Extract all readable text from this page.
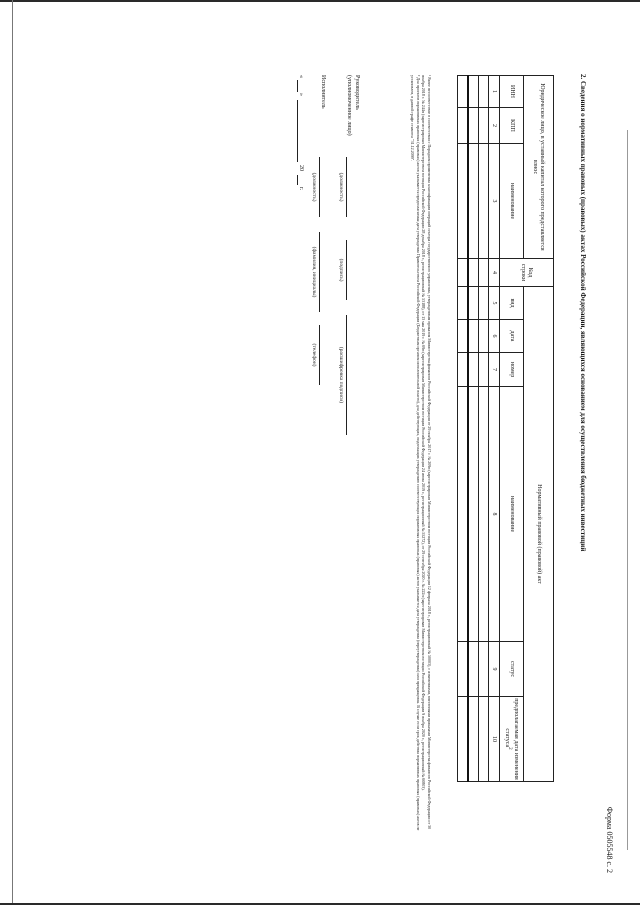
Форма 0505548 с. 2
2. Сведения о нормативных правовых (правовых) актах Российской Федерации, являющихся основанием для осуществления бюджетных инвестиций
Юридическое лицо, в уставный капитал которого представляется взнос			Код строки	Нормативный правовой (правовой) акт					
ИНН	КПП	наименование		вид	дата	номер	наименование	статус	предполагаемая дата изменения статуса$^2$
1	2	3	4	5	6	7	8	9	10

¹ Ранее несоответствие в соответствии с Порядком применения классификации операций сектора государственного управления, утвержденным приказом Министерства финансов Российской Федерации от 29 ноября 2017 г. № 209н (зарегистрирован Министерством юстиции Российской Федерации 12 февраля 2018 г., регистрационный № 50003), с изменениями, внесенными приказами Министерства финансов Российской Федерации от 30 ноября 2018 г. № 244н (зарегистрирован Министерством юстиции Российской Федерации 28 декабря 2018 г., регистрационный № 53188), от 13 мая 2019 г. № 69н (зарегистрирован Министерством юстиции Российской Федерации 24 июня 2019 г., регистрационный № 55272), от 29 сентября 2020 г. № 222н (зарегистрирован Министерством юстиции Российской Федерации 9 ноября 2020 г., регистрационный № 60803).

² Для проектов нормативных правовых (правовых) актов указывается предполагаемая дата утверждения Правительством Российской Федерации (Бюджетным органом исполнительной власти), для действующих, подлежащих утверждению соответствующих нормативных правовых (правовых) актов указывается дата утверждения (переутверждения) или прекращения. В случае если срок действия нормативных правовых (правовых) актов не установлен, в данной графе ставится "31.12.2099".

Руководитель
(уполномоченное лицо)
(должность)
(подпись)
(расшифровка подписи)
Исполнитель
(должность)
(фамилия, инициалы)
(телефон)
«
»
20
г.
